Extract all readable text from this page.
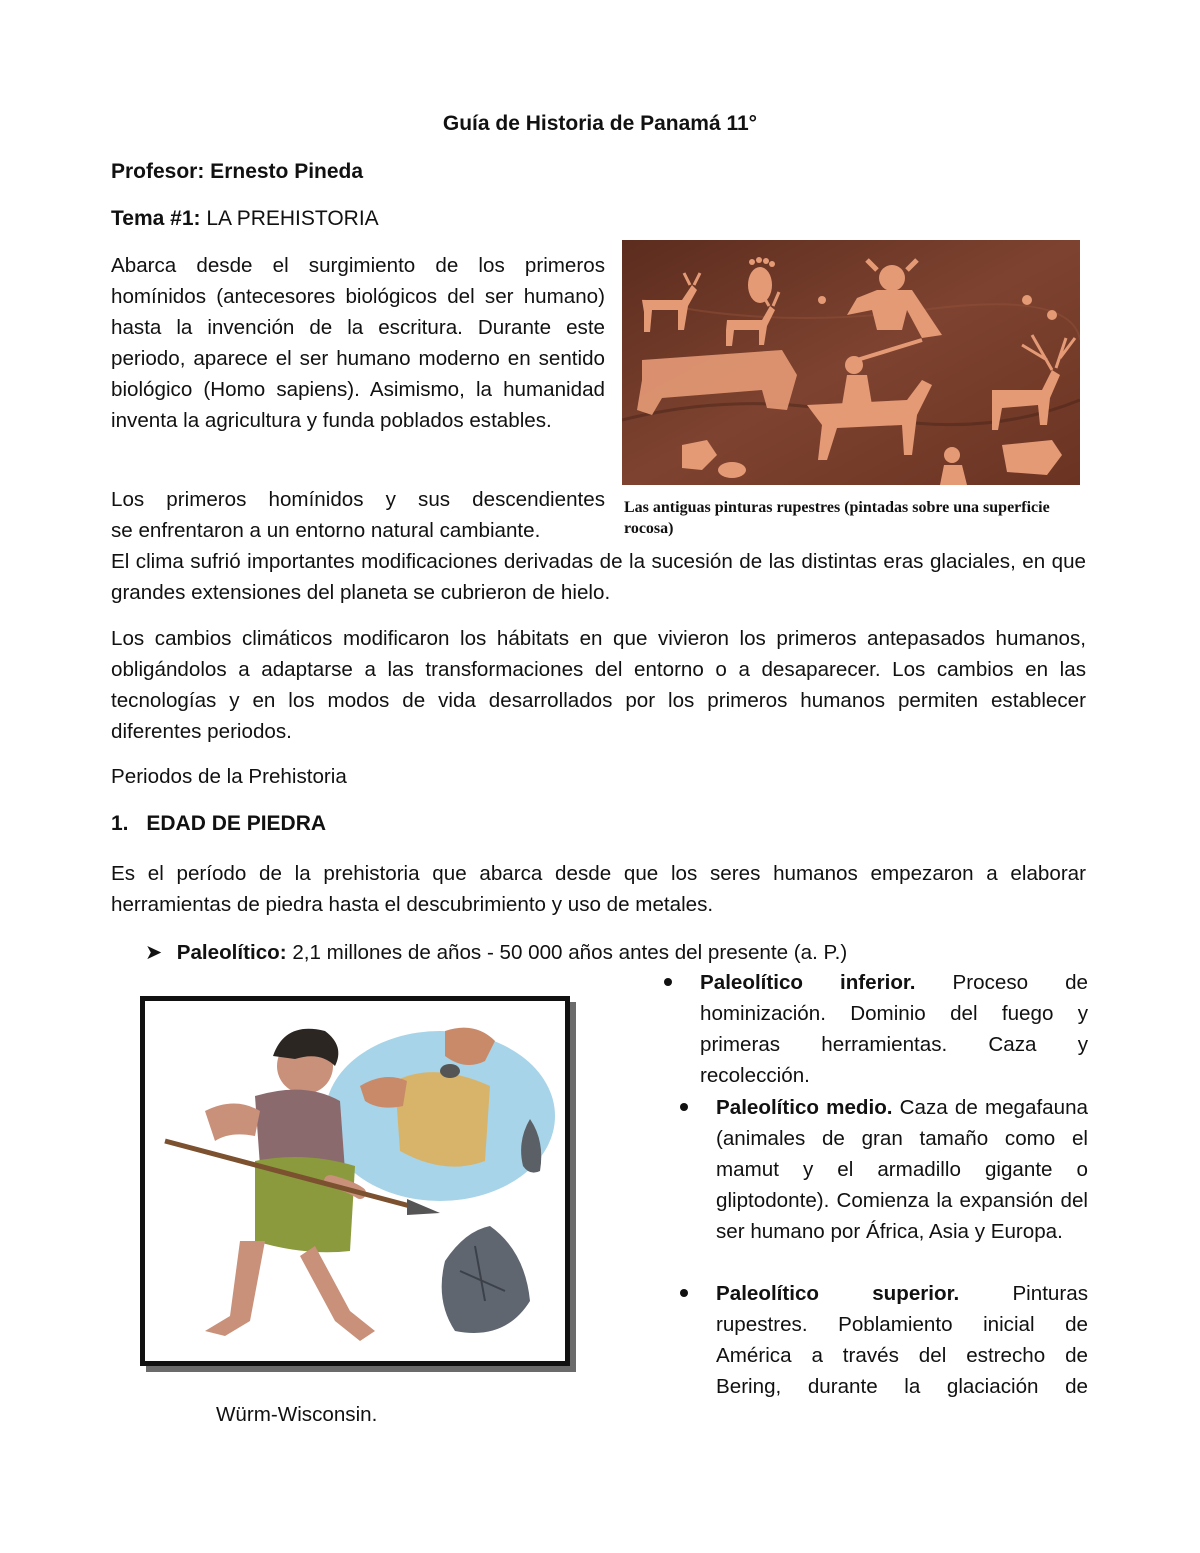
Guía de Historia de Panamá 11°
Profesor: Ernesto Pineda
Tema #1: LA PREHISTORIA

Abarca desde el surgimiento de los primeros homínidos (antecesores biológicos del ser humano) hasta la invención de la escritura. Durante este periodo, aparece el ser humano moderno en sentido biológico (Homo sapiens). Asimismo, la humanidad inventa la agricultura y funda poblados estables.

Los primeros homínidos y sus descendientes
se enfrentaron a un entorno natural cambiante.
Las antiguas pinturas rupestres (pintadas sobre una superficie rocosa)

El clima sufrió importantes modificaciones derivadas de la sucesión de las distintas eras glaciales, en que grandes extensiones del planeta se cubrieron de hielo.

Los cambios climáticos modificaron los hábitats en que vivieron los primeros antepasados humanos, obligándolos a adaptarse a las transformaciones del entorno o a desaparecer. Los cambios en las tecnologías y en los modos de vida desarrollados por los primeros humanos permiten establecer diferentes periodos.

Periodos de la Prehistoria
1. EDAD DE PIEDRA

Es el período de la prehistoria que abarca desde que los seres humanos empezaron a elaborar herramientas de piedra hasta el descubrimiento y uso de metales.

➤ Paleolítico: 2,1 millones de años - 50 000 años antes del presente (a. P.)
Paleolítico inferior. Proceso de hominización. Dominio del fuego y primeras herramientas. Caza y recolección.
Paleolítico medio. Caza de megafauna (animales de gran tamaño como el mamut y el armadillo gigante o gliptodonte). Comienza la expansión del ser humano por África, Asia y Europa.
Paleolítico superior.	Pinturas rupestres. Poblamiento inicial de América a través del estrecho de Bering, durante la glaciación de
Würm-Wisconsin.
